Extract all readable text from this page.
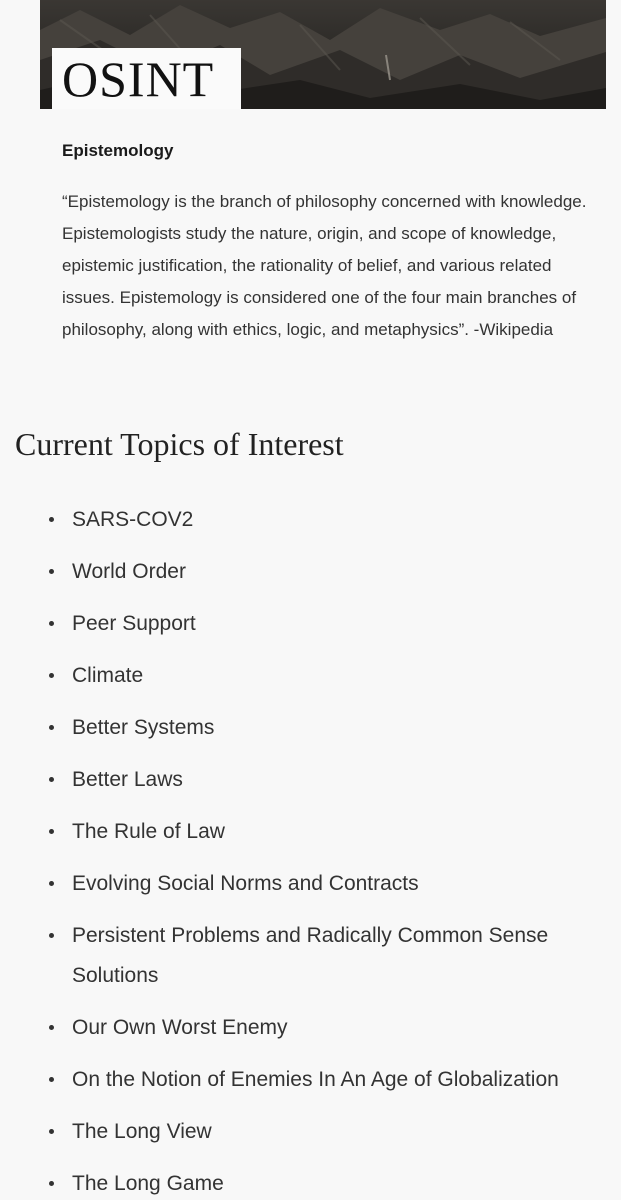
OSINT
Epistemology

“Epistemology is the branch of philosophy concerned with knowledge. Epistemologists study the nature, origin, and scope of knowledge, epistemic justification, the rationality of belief, and various related issues. Epistemology is considered one of the four main branches of philosophy, along with ethics, logic, and metaphysics”. -Wikipedia

Current Topics of Interest
SARS-COV2
World Order
Peer Support
Climate
Better Systems
Better Laws
The Rule of Law
Evolving Social Norms and Contracts
Persistent Problems and Radically Common Sense Solutions
Our Own Worst Enemy
On the Notion of Enemies In An Age of Globalization
The Long View
The Long Game
